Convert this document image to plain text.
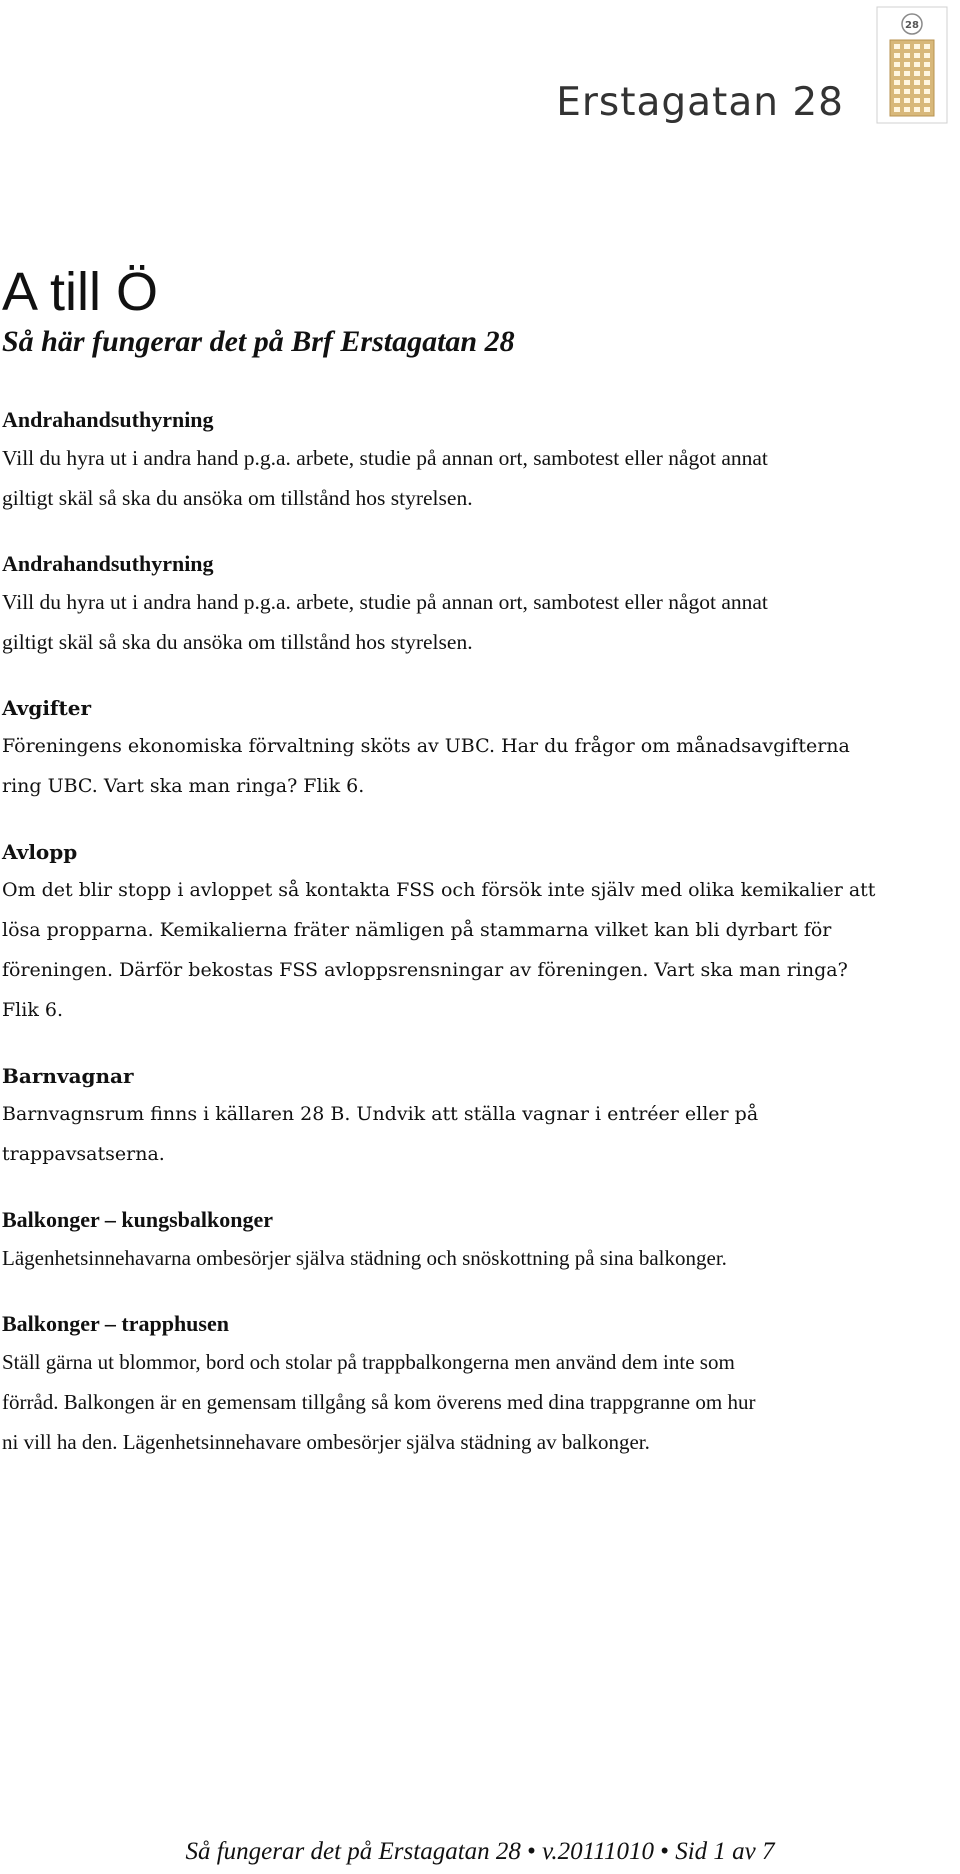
Erstagatan 28
28
A till Ö
Så här fungerar det på Brf Erstagatan 28
Andrahandsuthyrning

Vill du hyra ut i andra hand p.g.a. arbete, studie på annan ort, sambotest eller något annat
giltigt skäl så ska du ansöka om tillstånd hos styrelsen.

Andrahandsuthyrning

Vill du hyra ut i andra hand p.g.a. arbete, studie på annan ort, sambotest eller något annat
giltigt skäl så ska du ansöka om tillstånd hos styrelsen.

Avgifter

Föreningens ekonomiska förvaltning sköts av UBC. Har du frågor om månadsavgifterna
ring UBC. Vart ska man ringa? Flik 6.

Avlopp

Om det blir stopp i avloppet så kontakta FSS och försök inte själv med olika kemikalier att
lösa propparna. Kemikalierna fräter nämligen på stammarna vilket kan bli dyrbart för
föreningen. Därför bekostas FSS avloppsrensningar av föreningen. Vart ska man ringa?
Flik 6.

Barnvagnar

Barnvagnsrum finns i källaren 28 B. Undvik att ställa vagnar i entréer eller på
trappavsatserna.

Balkonger – kungsbalkonger

Lägenhetsinnehavarna ombesörjer själva städning och snöskottning på sina balkonger.

Balkonger – trapphusen

Ställ gärna ut blommor, bord och stolar på trappbalkongerna men använd dem inte som
förråd. Balkongen är en gemensam tillgång så kom överens med dina trappgranne om hur
ni vill ha den. Lägenhetsinnehavare ombesörjer själva städning av balkonger.

Så fungerar det på Erstagatan 28 • v.20111010 • Sid 1 av 7
